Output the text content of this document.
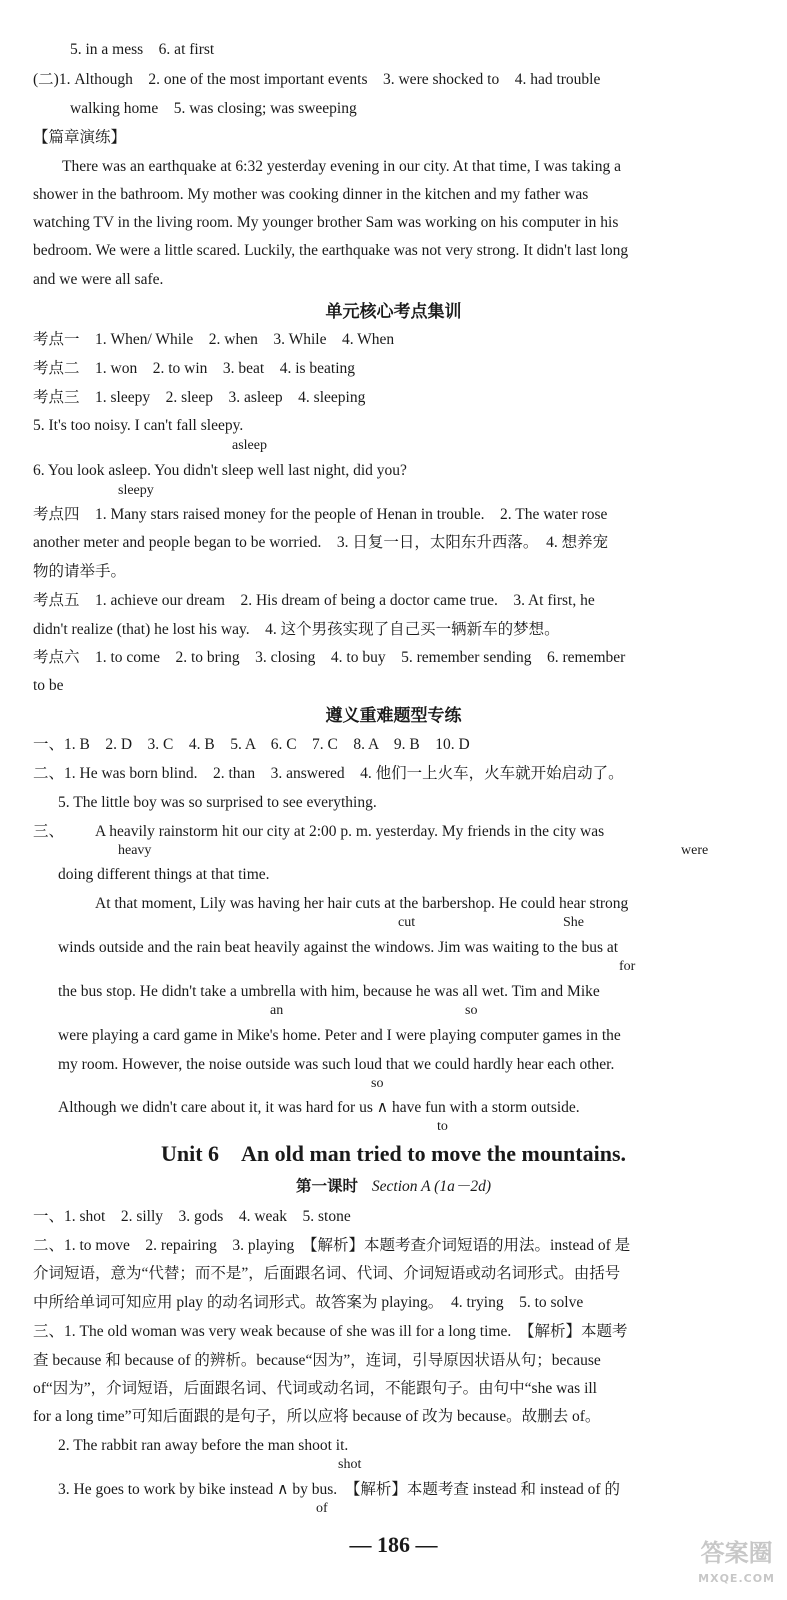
5. in a mess　6. at first
(二)1. Although　2. one of the most important events　3. were shocked to　4. had trouble
walking home　5. was closing; was sweeping
【篇章演练】
There was an earthquake at 6:32 yesterday evening in our city. At that time, I was taking a
shower in the bathroom. My mother was cooking dinner in the kitchen and my father was
watching TV in the living room. My younger brother Sam was working on his computer in his
bedroom. We were a little scared. Luckily, the earthquake was not very strong. It didn't last long
and we were all safe.
单元核心考点集训
考点一　1. When/ While　2. when　3. While　4. When
考点二　1. won　2. to win　3. beat　4. is beating
考点三　1. sleepy　2. sleep　3. asleep　4. sleeping
5. It's too noisy. I can't fall sleepy.
asleep
6. You look asleep. You didn't sleep well last night, did you?
sleepy
考点四　1. Many stars raised money for the people of Henan in trouble.　2. The water rose
another meter and people began to be worried.　3. 日复一日，太阳东升西落。　4. 想养宠
物的请举手。
考点五　1. achieve our dream　2. His dream of being a doctor came true.　3. At first, he
didn't realize (that) he lost his way.　4. 这个男孩实现了自己买一辆新车的梦想。
考点六　1. to come　2. to bring　3. closing　4. to buy　5. remember sending　6. remember
to be
遵义重难题型专练
一、1. B　2. D　3. C　4. B　5. A　6. C　7. C　8. A　9. B　10. D
二、1. He was born blind.　2. than　3. answered　4. 他们一上火车，火车就开始启动了。
5. The little boy was so surprised to see everything.
三、 A heavily rainstorm hit our city at 2:00 p. m. yesterday. My friends in the city was
heavy	were
doing different things at that time.
At that moment, Lily was having her hair cuts at the barbershop. He could hear strong
cut	She
winds outside and the rain beat heavily against the windows. Jim was waiting to the bus at
for
the bus stop. He didn't take a umbrella with him, because he was all wet. Tim and Mike
an	so
were playing a card game in Mike's home. Peter and I were playing computer games in the
my room. However, the noise outside was such loud that we could hardly hear each other.
so
Although we didn't care about it, it was hard for us ∧ have fun with a storm outside.
to
Unit 6　An old man tried to move the mountains.
第一课时 Section A (1a－2d)
一、1. shot　2. silly　3. gods　4. weak　5. stone
二、1. to move　2. repairing　3. playing　【解析】本题考查介词短语的用法。instead of 是
介词短语，意为“代替；而不是”，后面跟名词、代词、介词短语或动名词形式。由括号
中所给单词可知应用 play 的动名词形式。故答案为 playing。　4. trying　5. to solve
三、1. The old woman was very weak because of she was ill for a long time.　【解析】本题考
查 because 和 because of 的辨析。because“因为”，连词，引导原因状语从句；because
of“因为”，介词短语，后面跟名词、代词或动名词，不能跟句子。由句中“she was ill
for a long time”可知后面跟的是句子，所以应将 because of 改为 because。故删去 of。
2. The rabbit ran away before the man shoot it.
shot
3. He goes to work by bike instead ∧ by bus.　【解析】本题考查 instead 和 instead of 的
of
— 186 —	答案圈
MXQE.COM
